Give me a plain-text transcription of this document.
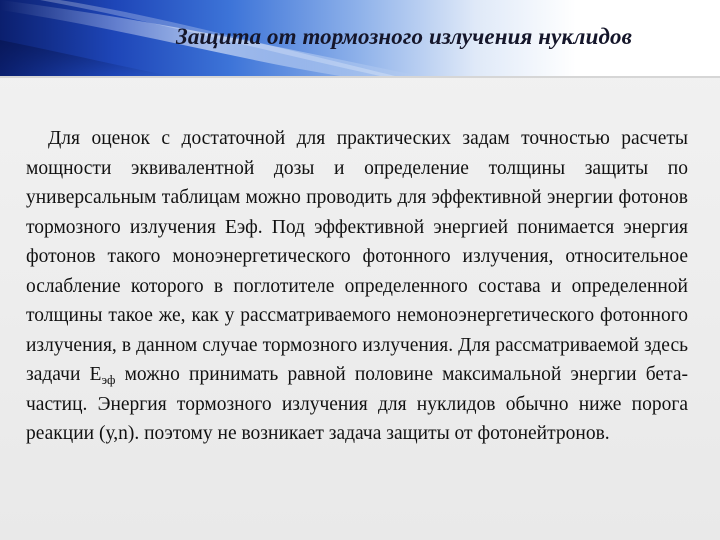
Защита от тормозного излучения нуклидов

Для оценок с достаточной для практических задам точностью расчеты мощности эквивалентной дозы и определение толщины защиты по универсальным таблицам можно проводить для эффективной энергии фотонов тормозного излучения Еэф. Под эффективной энергией понимается энергия фотонов такого моноэнергетического фотонного излучения, относительное ослабление которого в поглотителе определенного состава и определенной толщины такое же, как у рассматриваемого немоноэнергетического фотонного излучения, в данном случае тормозного излучения. Для рассматриваемой здесь задачи $Е_{эф}$ можно принимать равной половине максимальной энергии бета-частиц. Энергия тормозного излучения для нуклидов обычно ниже порога реакции (у,n). поэтому не возникает задача защиты от фотонейтронов.
